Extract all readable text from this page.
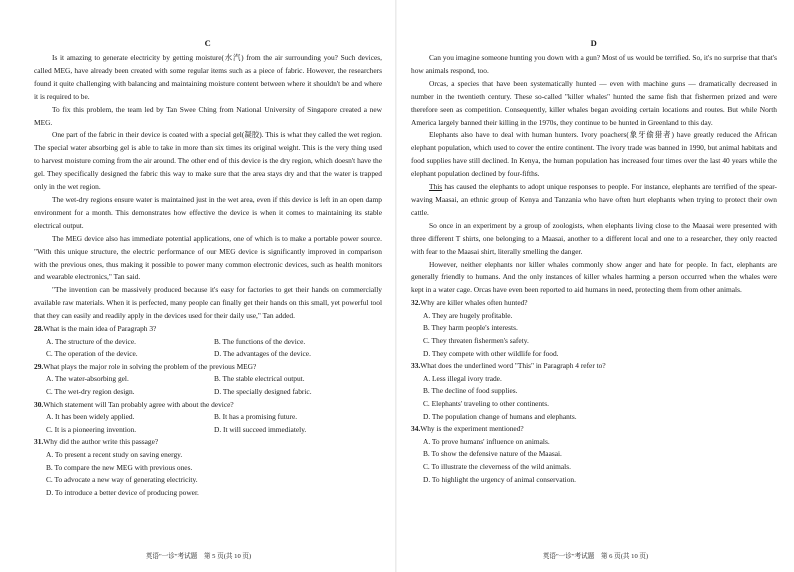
C

Is it amazing to generate electricity by getting moisture(水汽) from the air surrounding you? Such devices, called MEG, have already been created with some regular items such as a piece of fabric. However, the researchers found it quite challenging with balancing and maintaining moisture content between where it shouldn't be and where it is required to be.

To fix this problem, the team led by Tan Swee Ching from National University of Singapore created a new MEG.

One part of the fabric in their device is coated with a special gel(凝胶). This is what they called the wet region. The special water absorbing gel is able to take in more than six times its original weight. This is the very thing used to harvest moisture coming from the air around. The other end of this device is the dry region, which doesn't have the gel. They specifically designed the fabric this way to make sure that the area stays dry and that the water is trapped only in the wet region.

The wet-dry regions ensure water is maintained just in the wet area, even if this device is left in an open damp environment for a month. This demonstrates how effective the device is when it comes to maintaining its stable electrical output.

The MEG device also has immediate potential applications, one of which is to make a portable power source. "With this unique structure, the electric performance of our MEG device is significantly improved in comparison with the previous ones, thus making it possible to power many common electronic devices, such as health monitors and wearable electronics," Tan said.

"The invention can be massively produced because it's easy for factories to get their hands on commercially available raw materials. When it is perfected, many people can finally get their hands on this small, yet powerful tool that they can easily and readily apply in the devices used for their daily use," Tan added.

28.What is the main idea of Paragraph 3?
A. The structure of the device.	B. The functions of the device.
C. The operation of the device.	D. The advantages of the device.
29.What plays the major role in solving the problem of the previous MEG?
A. The water-absorbing gel.	B. The stable electrical output.
C. The wet-dry region design.	D. The specially designed fabric.
30.Which statement will Tan probably agree with about the device?
A. It has been widely applied.	B. It has a promising future.
C. It is a pioneering invention.	D. It will succeed immediately.
31.Why did the author write this passage?
A. To present a recent study on saving energy.
B. To compare the new MEG with previous ones.
C. To advocate a new way of generating electricity.
D. To introduce a better device of producing power.
英语"一诊"考试题　第 5 页(共 10 页)
D

Can you imagine someone hunting you down with a gun? Most of us would be terrified. So, it's no surprise that that's how animals respond, too.

Orcas, a species that have been systematically hunted — even with machine guns — dramatically decreased in number in the twentieth century. These so-called "killer whales" hunted the same fish that fishermen prized and were therefore seen as competition. Consequently, killer whales began avoiding certain locations and routes. But while North America largely banned their killing in the 1970s, they continue to be hunted in Greenland to this day.

Elephants also have to deal with human hunters. Ivory poachers(象牙偷猎者) have greatly reduced the African elephant population, which used to cover the entire continent. The ivory trade was banned in 1990, but animal habitats and food supplies have still declined. In Kenya, the human population has increased four times over the last 40 years while the elephant population declined by four-fifths.

This has caused the elephants to adopt unique responses to people. For instance, elephants are terrified of the spear-waving Maasai, an ethnic group of Kenya and Tanzania who have often hurt elephants when trying to protect their own cattle.

So once in an experiment by a group of zoologists, when elephants living close to the Maasai were presented with three different T shirts, one belonging to a Maasai, another to a different local and one to a researcher, they only reacted with fear to the Maasai shirt, literally smelling the danger.

However, neither elephants nor killer whales commonly show anger and hate for people. In fact, elephants are generally friendly to humans. And the only instances of killer whales harming a person occurred when the whales were kept in a water cage. Orcas have even been reported to aid humans in need, protecting them from other animals.

32.Why are killer whales often hunted?
A. They are hugely profitable.
B. They harm people's interests.
C. They threaten fishermen's safety.
D. They compete with other wildlife for food.
33.What does the underlined word "This" in Paragraph 4 refer to?
A. Less illegal ivory trade.
B. The decline of food supplies.
C. Elephants' traveling to other continents.
D. The population change of humans and elephants.
34.Why is the experiment mentioned?
A. To prove humans' influence on animals.
B. To show the defensive nature of the Maasai.
C. To illustrate the cleverness of the wild animals.
D. To highlight the urgency of animal conservation.
英语"一诊"考试题　第 6 页(共 10 页)
